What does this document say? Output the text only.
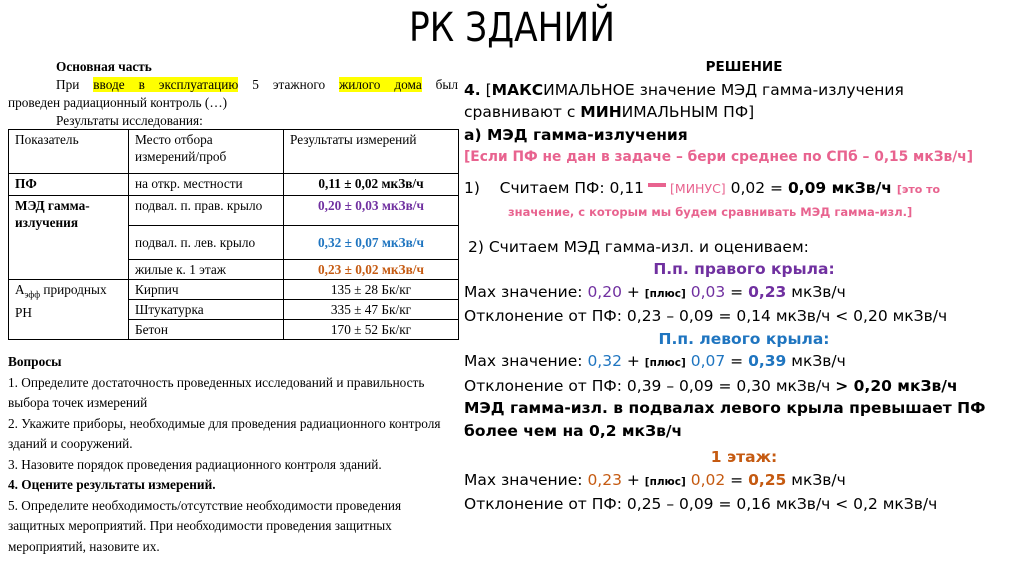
РК ЗДАНИЙ
Основная часть
При вводе в эксплуатацию 5 этажного жилого дома был
проведен радиационный контроль (…)
Результаты исследования:
Показатель	Место отбора измерений/проб	Результаты измерений
ПФ	на откр. местности	0,11 ± 0,02 мкЗв/ч
МЭД гамма-излучения	подвал. п. прав. крыло	0,20 ± 0,03 мкЗв/ч
	подвал. п. лев. крыло	0,32 ± 0,07 мкЗв/ч
	жилые к. 1 этаж	0,23 ± 0,02 мкЗв/ч
$А_{эфф}$ природных РН	Кирпич	135 ± 28 Бк/кг
	Штукатурка	335 ± 47 Бк/кг
	Бетон	170 ± 52 Бк/кг
Вопросы
1. Определите достаточность проведенных исследований и правильность выбора точек измерений
2. Укажите приборы, необходимые для проведения радиационного контроля зданий и сооружений.
3. Назовите порядок проведения радиационного контроля зданий.
4. Оцените результаты измерений.
5. Определите необходимость/отсутствие необходимости проведения защитных мероприятий. При необходимости проведения защитных мероприятий, назовите их.
РЕШЕНИЕ
4. [МАКСИМАЛЬНОЕ значение МЭД гамма-излучения
сравнивают с МИНИМАЛЬНЫМ ПФ]
а) МЭД гамма-излучения
[Если ПФ не дан в задаче – бери среднее по СПб – 0,15 мкЗв/ч]
1) Считаем ПФ: 0,11 [МИНУС] 0,02 = 0,09 мкЗв/ч [это то
значение, с которым мы будем сравнивать МЭД гамма-изл.]
2) Считаем МЭД гамма-изл. и оцениваем:
П.п. правого крыла:
Max значение: 0,20 + [плюс] 0,03 = 0,23 мкЗв/ч
Отклонение от ПФ: 0,23 – 0,09 = 0,14 мкЗв/ч < 0,20 мкЗв/ч
П.п. левого крыла:
Max значение: 0,32 + [плюс] 0,07 = 0,39 мкЗв/ч
Отклонение от ПФ: 0,39 – 0,09 = 0,30 мкЗв/ч > 0,20 мкЗв/ч
МЭД гамма-изл. в подвалах левого крыла превышает ПФ
более чем на 0,2 мкЗв/ч
1 этаж:
Max значение: 0,23 + [плюс] 0,02 = 0,25 мкЗв/ч
Отклонение от ПФ: 0,25 – 0,09 = 0,16 мкЗв/ч < 0,2 мкЗв/ч
